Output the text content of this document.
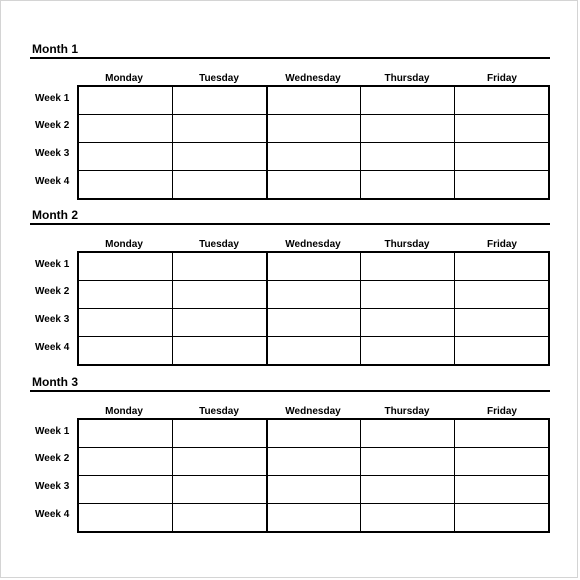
Month 1
Monday	Tuesday	Wednesday	Thursday	Friday
Week 1
Week 2
Week 3
Week 4

Month 2
Monday	Tuesday	Wednesday	Thursday	Friday
Week 1
Week 2
Week 3
Week 4

Month 3
Monday	Tuesday	Wednesday	Thursday	Friday
Week 1
Week 2
Week 3
Week 4
